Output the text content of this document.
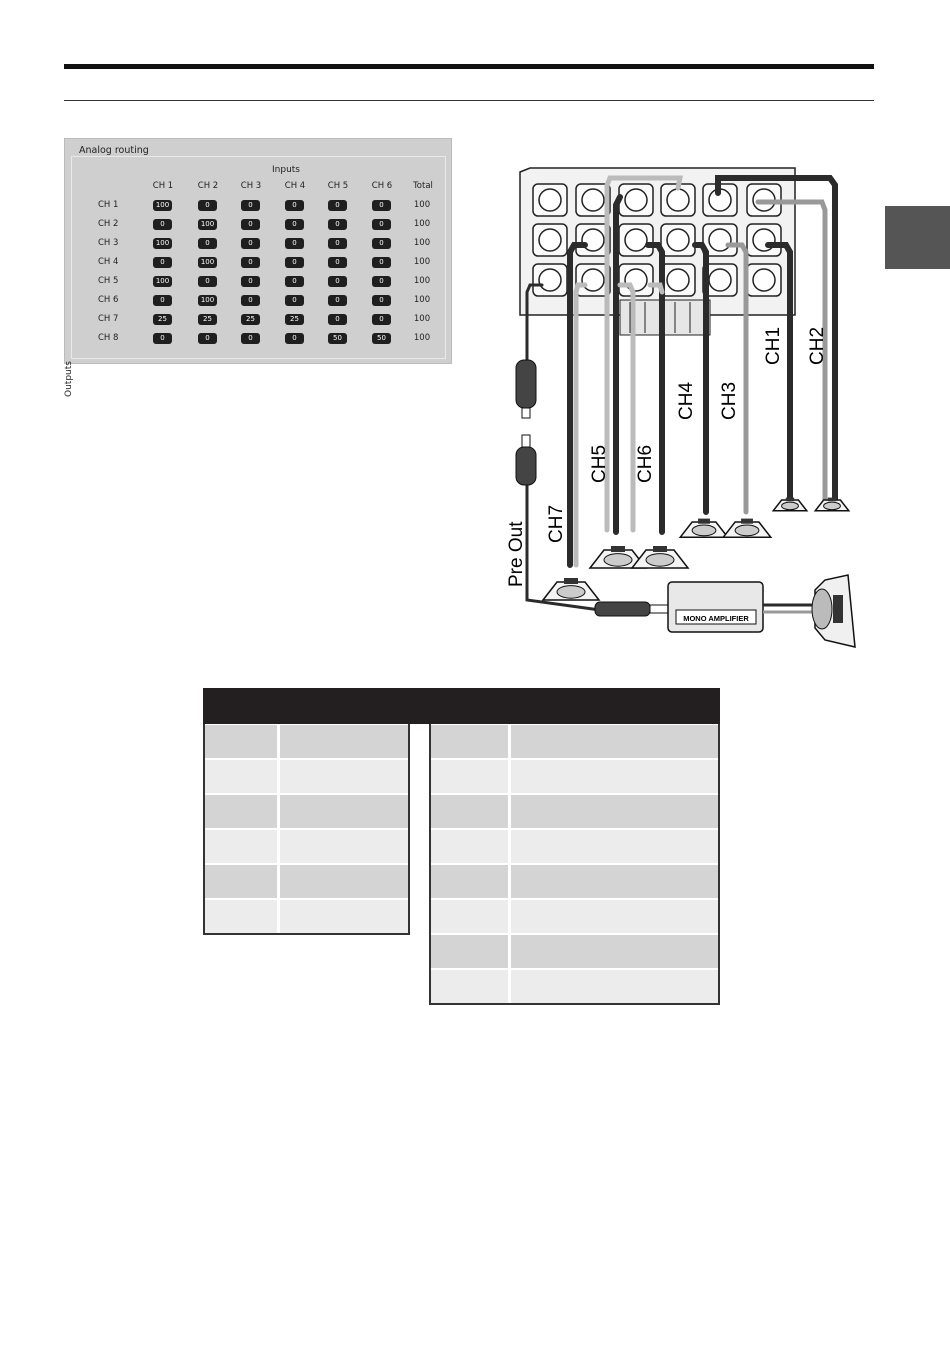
Analog routing
Inputs
Outputs
CH 1	CH 2	CH 3	CH 4	CH 5	CH 6	Total
CH 1	100	0	0	0	0	0	100
CH 2	0	100	0	0	0	0	100
CH 3	100	0	0	0	0	0	100
CH 4	0	100	0	0	0	0	100
CH 5	100	0	0	0	0	0	100
CH 6	0	100	0	0	0	0	100
CH 7	25	25	25	25	0	0	100
CH 8	0	0	0	0	50	50	100
MONO AMPLIFIER
CH1 CH2
CH3
CH4
CH5 CH6
CH7
Pre Out
